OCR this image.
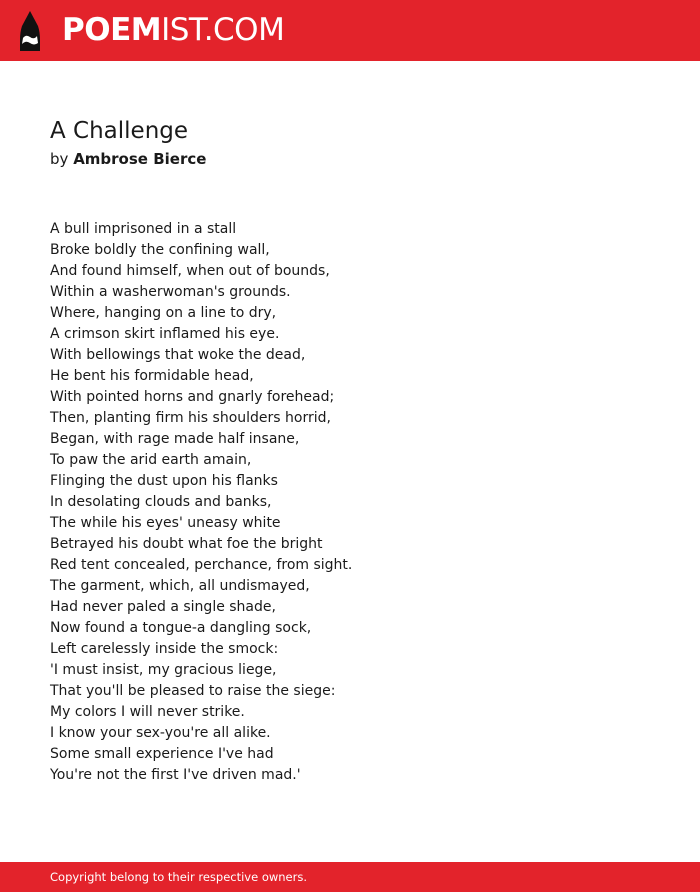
POEMIST.COM
A Challenge
by Ambrose Bierce
A bull imprisoned in a stall
Broke boldly the confining wall,
And found himself, when out of bounds,
Within a washerwoman's grounds.
Where, hanging on a line to dry,
A crimson skirt inflamed his eye.
With bellowings that woke the dead,
He bent his formidable head,
With pointed horns and gnarly forehead;
Then, planting firm his shoulders horrid,
Began, with rage made half insane,
To paw the arid earth amain,
Flinging the dust upon his flanks
In desolating clouds and banks,
The while his eyes' uneasy white
Betrayed his doubt what foe the bright
Red tent concealed, perchance, from sight.
The garment, which, all undismayed,
Had never paled a single shade,
Now found a tongue-a dangling sock,
Left carelessly inside the smock:
'I must insist, my gracious liege,
That you'll be pleased to raise the siege:
My colors I will never strike.
I know your sex-you're all alike.
Some small experience I've had
You're not the first I've driven mad.'
Copyright belong to their respective owners.
